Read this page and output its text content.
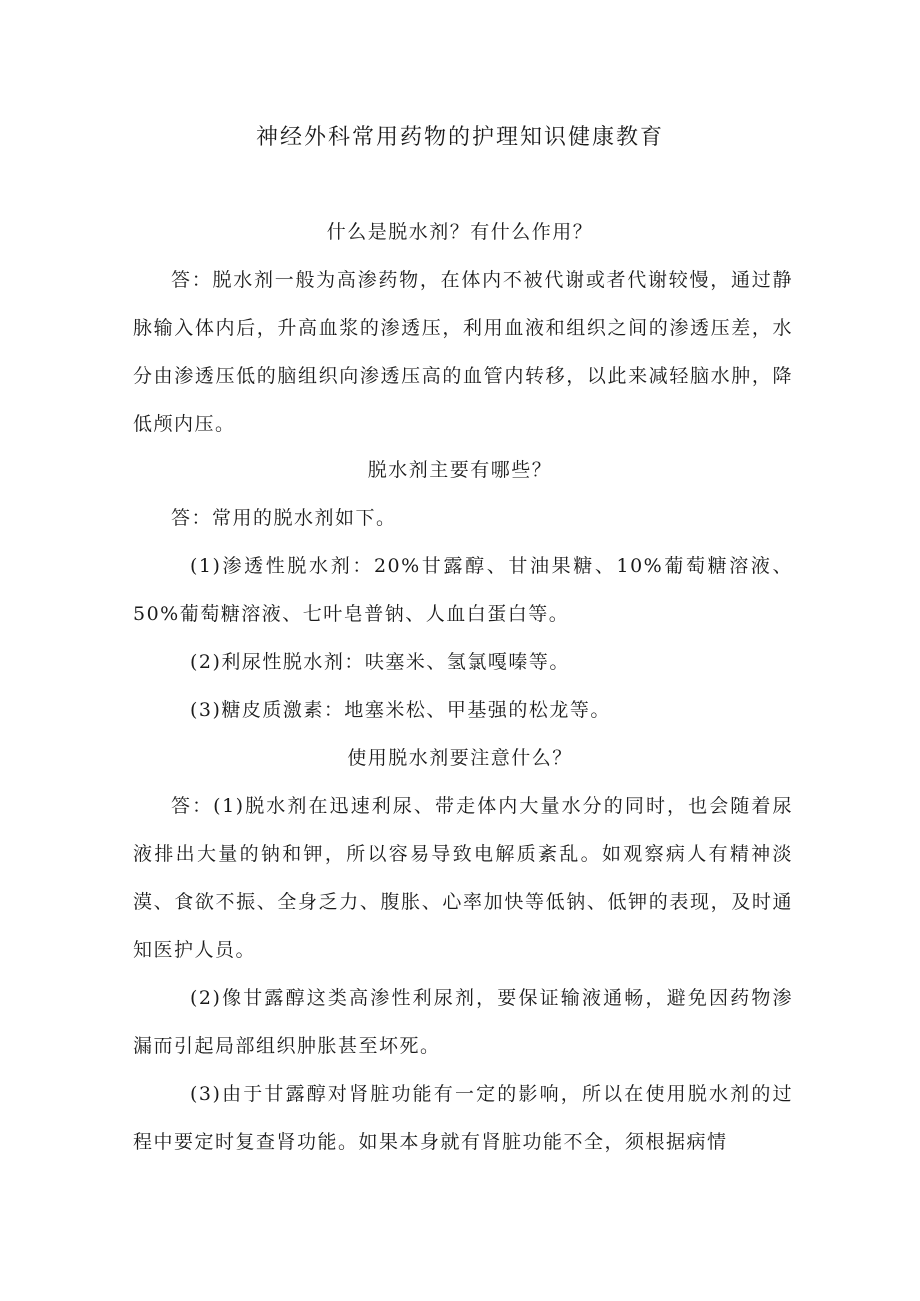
神经外科常用药物的护理知识健康教育
什么是脱水剂？有什么作用？

答：脱水剂一般为高渗药物，在体内不被代谢或者代谢较慢，通过静脉输入体内后，升高血浆的渗透压，利用血液和组织之间的渗透压差，水分由渗透压低的脑组织向渗透压高的血管内转移，以此来减轻脑水肿，降低颅内压。

脱水剂主要有哪些？

答：常用的脱水剂如下。

(1)渗透性脱水剂：20%甘露醇、甘油果糖、10%葡萄糖溶液、50%葡萄糖溶液、七叶皂普钠、人血白蛋白等。

(2)利尿性脱水剂：呋塞米、氢氯嘎嗪等。

(3)糖皮质激素：地塞米松、甲基强的松龙等。

使用脱水剂要注意什么？

答：(1)脱水剂在迅速利尿、带走体内大量水分的同时，也会随着尿液排出大量的钠和钾，所以容易导致电解质紊乱。如观察病人有精神淡漠、食欲不振、全身乏力、腹胀、心率加快等低钠、低钾的表现，及时通知医护人员。

(2)像甘露醇这类高渗性利尿剂，要保证输液通畅，避免因药物渗漏而引起局部组织肿胀甚至坏死。

(3)由于甘露醇对肾脏功能有一定的影响，所以在使用脱水剂的过程中要定时复查肾功能。如果本身就有肾脏功能不全，须根据病情
